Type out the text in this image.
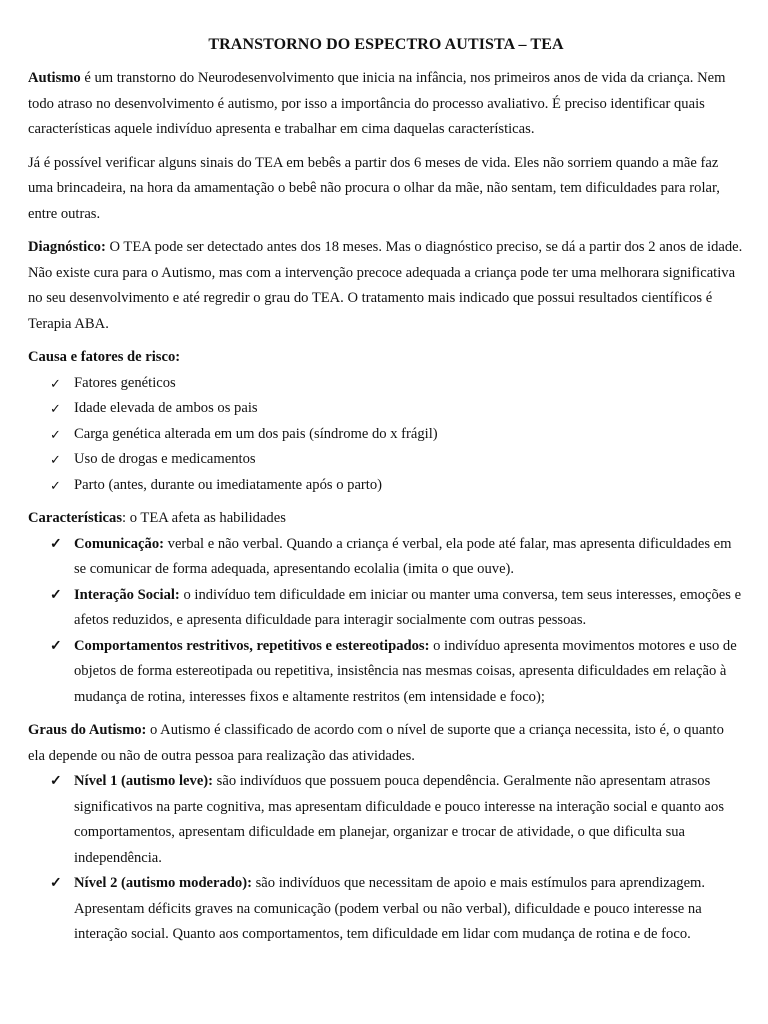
TRANSTORNO DO ESPECTRO AUTISTA – TEA

Autismo é um transtorno do Neurodesenvolvimento que inicia na infância, nos primeiros anos de vida da criança. Nem todo atraso no desenvolvimento é autismo, por isso a importância do processo avaliativo. É preciso identificar quais características aquele indivíduo apresenta e trabalhar em cima daquelas características.

Já é possível verificar alguns sinais do TEA em bebês a partir dos 6 meses de vida. Eles não sorriem quando a mãe faz uma brincadeira, na hora da amamentação o bebê não procura o olhar da mãe, não sentam, tem dificuldades para rolar, entre outras.

Diagnóstico: O TEA pode ser detectado antes dos 18 meses. Mas o diagnóstico preciso, se dá a partir dos 2 anos de idade. Não existe cura para o Autismo, mas com a intervenção precoce adequada a criança pode ter uma melhorara significativa no seu desenvolvimento e até regredir o grau do TEA. O tratamento mais indicado que possui resultados científicos é Terapia ABA.

Causa e fatores de risco:
✓ Fatores genéticos
✓ Idade elevada de ambos os pais
✓ Carga genética alterada em um dos pais (síndrome do x frágil)
✓ Uso de drogas e medicamentos
✓ Parto (antes, durante ou imediatamente após o parto)
Características: o TEA afeta as habilidades
✓ Comunicação: verbal e não verbal. Quando a criança é verbal, ela pode até falar, mas apresenta dificuldades em se comunicar de forma adequada, apresentando ecolalia (imita o que ouve).
✓ Interação Social: o indivíduo tem dificuldade em iniciar ou manter uma conversa, tem seus interesses, emoções e afetos reduzidos, e apresenta dificuldade para interagir socialmente com outras pessoas.
✓ Comportamentos restritivos, repetitivos e estereotipados: o indivíduo apresenta movimentos motores e uso de objetos de forma estereotipada ou repetitiva, insistência nas mesmas coisas, apresenta dificuldades em relação à mudança de rotina, interesses fixos e altamente restritos (em intensidade e foco);
Graus do Autismo: o Autismo é classificado de acordo com o nível de suporte que a criança necessita, isto é, o quanto ela depende ou não de outra pessoa para realização das atividades.
✓ Nível 1 (autismo leve): são indivíduos que possuem pouca dependência. Geralmente não apresentam atrasos significativos na parte cognitiva, mas apresentam dificuldade e pouco interesse na interação social e quanto aos comportamentos, apresentam dificuldade em planejar, organizar e trocar de atividade, o que dificulta sua independência.
✓ Nível 2 (autismo moderado): são indivíduos que necessitam de apoio e mais estímulos para aprendizagem. Apresentam déficits graves na comunicação (podem verbal ou não verbal), dificuldade e pouco interesse na interação social. Quanto aos comportamentos, tem dificuldade em lidar com mudança de rotina e de foco.
